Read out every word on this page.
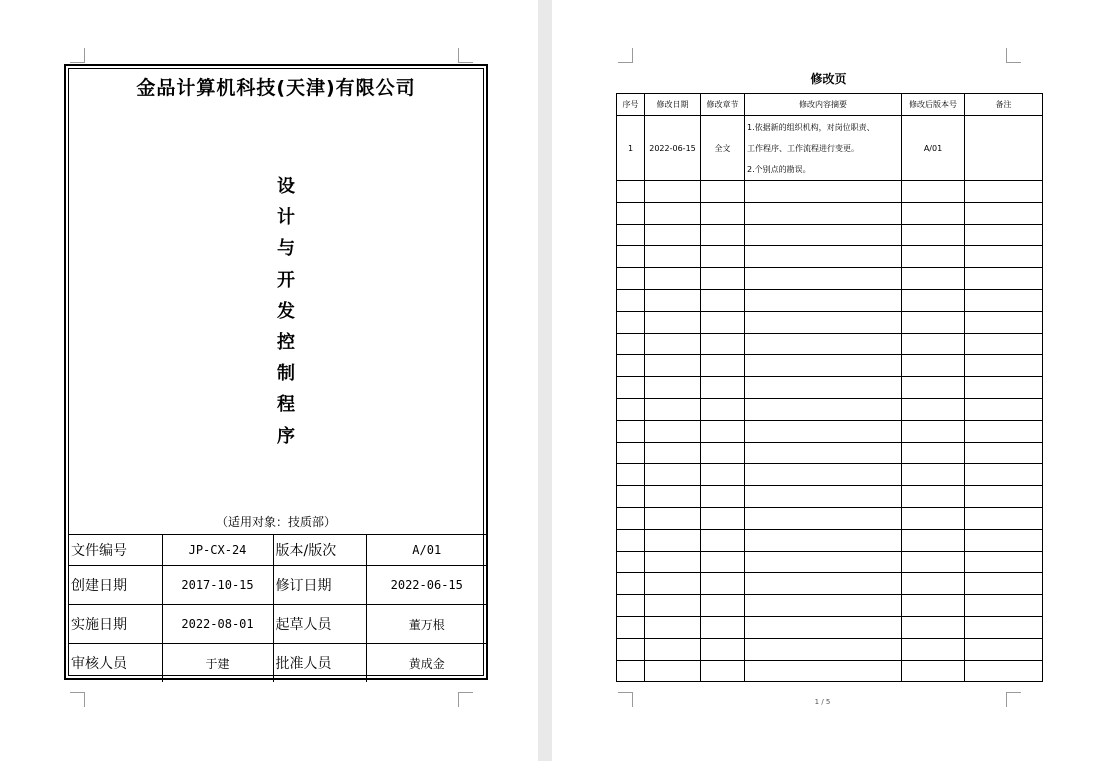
金品计算机科技(天津)有限公司
设
计
与
开
发
控
制
程
序
（适用对象：技质部）
文件编号	JP-CX-24	版本/版次	A/01
创建日期	2017-10-15	修订日期	2022-06-15
实施日期	2022-08-01	起草人员	董万根
审核人员	于建	批准人员	黄成金
修改页
序号	修改日期	修改章节	修改内容摘要	修改后版本号	备注
1	2022-06-15	全文	1.依据新的组织机构，对岗位职责、
工作程序、工作流程进行变更。
2.个别点的勘误。	A/01	

1 / 5
